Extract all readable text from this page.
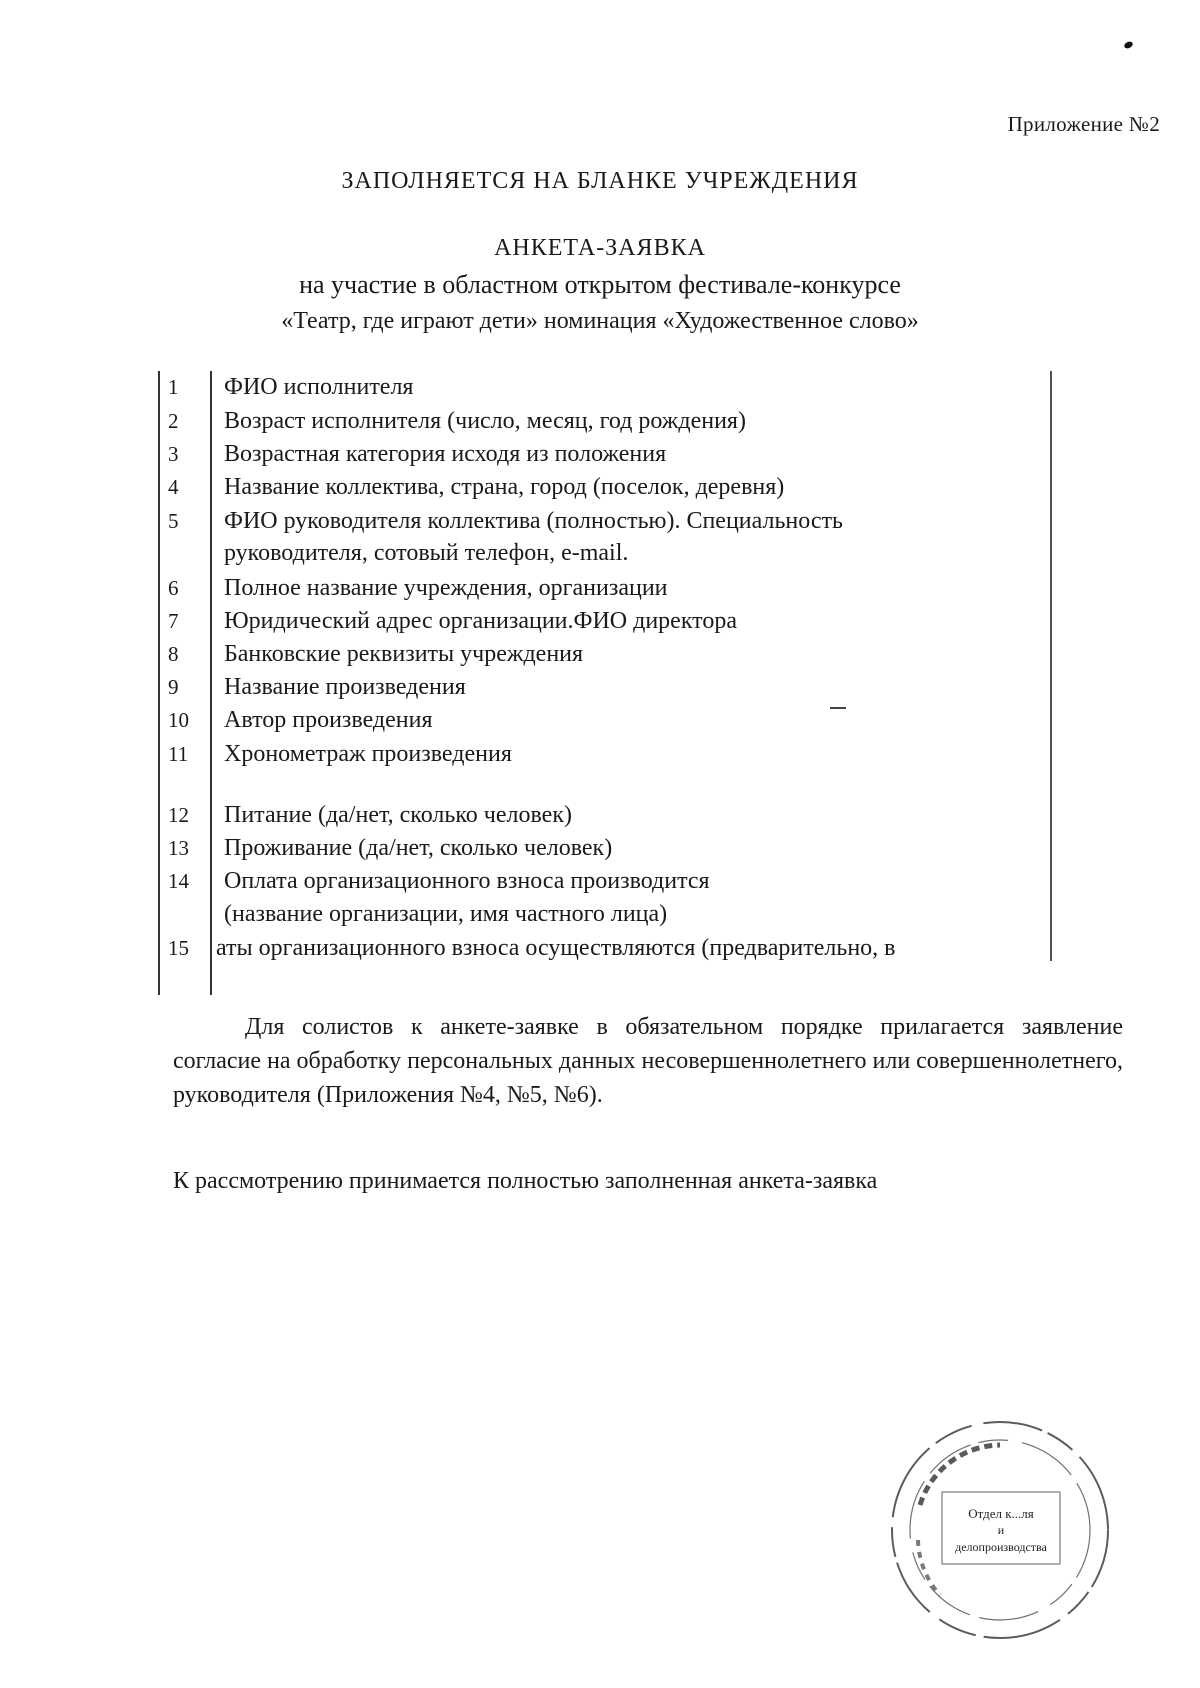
Приложение №2
ЗАПОЛНЯЕТСЯ НА БЛАНКЕ УЧРЕЖДЕНИЯ
АНКЕТА-ЗАЯВКА
на участие в областном открытом фестивале-конкурсе
«Театр, где играют дети» номинация «Художественное слово»
1	ФИО исполнителя
2	Возраст исполнителя (число, месяц, год рождения)
3	Возрастная категория исходя из положения
4	Название коллектива, страна, город (поселок, деревня)
5	ФИО руководителя коллектива (полностью). Специальность
руководителя, сотовый телефон, e-mail.
6	Полное название учреждения, организации
7	Юридический адрес организации.ФИО директора
8	Банковские реквизиты учреждения
9	Название произведения
10	Автор произведения
11	Хронометраж произведения
12	Питание (да/нет, сколько человек)
13	Проживание (да/нет, сколько человек)
14	Оплата организационного взноса производится
(название организации, имя частного лица)
15	аты организационного взноса осуществляются (предварительно, в
Для солистов к анкете-заявке в обязательном порядке прилагается заявление согласие на обработку персональных данных несовершеннолетнего или совершеннолетнего, руководителя (Приложения №4, №5, №6).
К рассмотрению принимается полностью заполненная анкета-заявка
Отдел к...ля
и
делопроизводства
